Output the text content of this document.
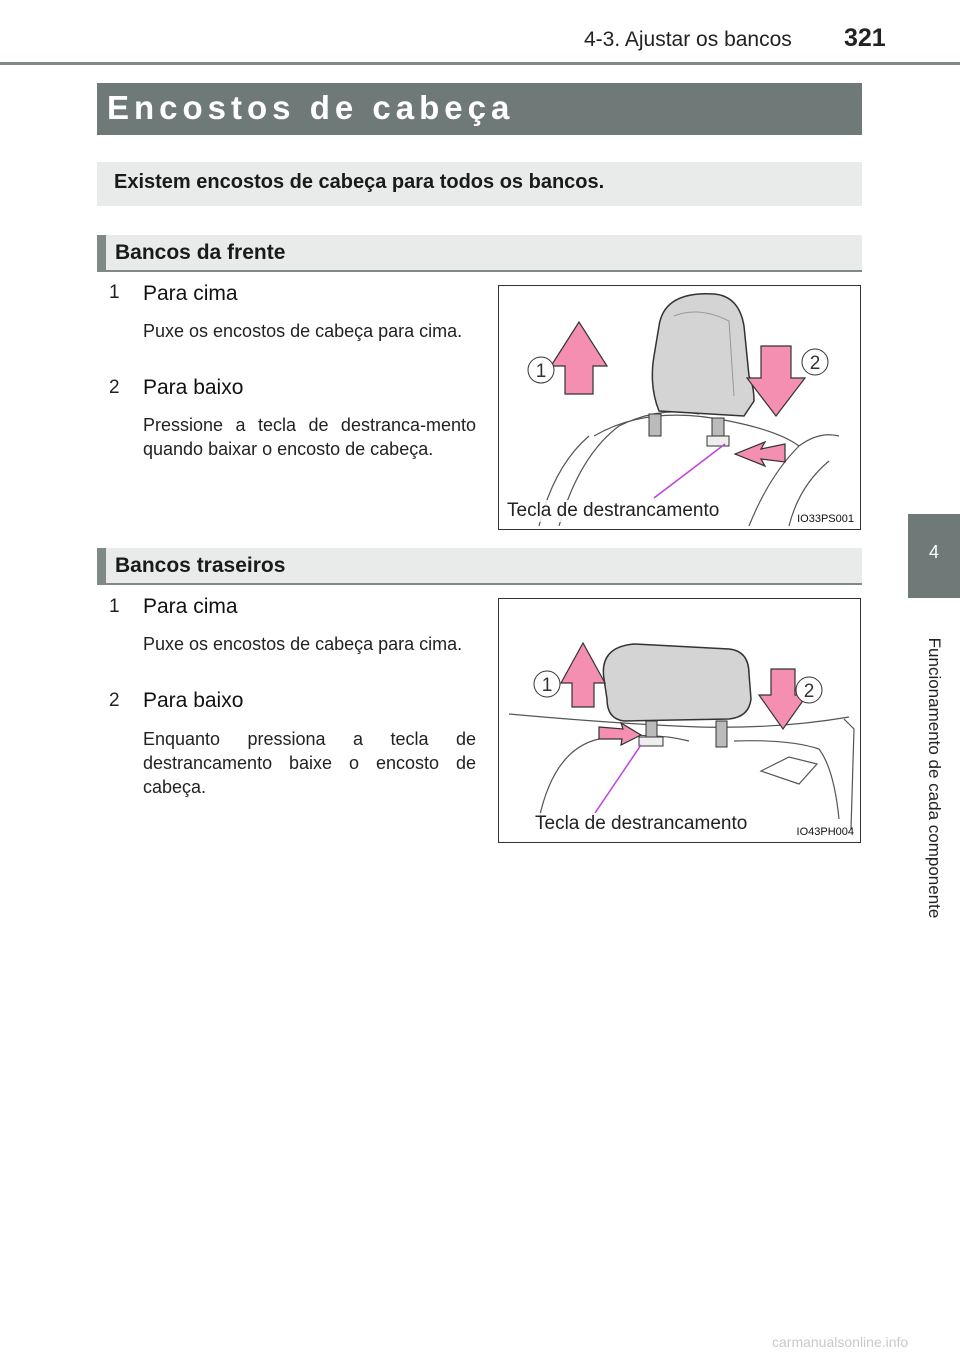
4-3. Ajustar os bancos 321
4
Funcionamento de cada componente
Encostos de cabeça
Existem encostos de cabeça para todos os bancos.
Bancos da frente
1 Para cima
Puxe os encostos de cabeça para cima.
2 Para baixo
Pressione a tecla de destranca-mento quando baixar o encosto de cabeça.
1	2
Tecla de destrancamento	IO33PS001
Bancos traseiros
1 Para cima
Puxe os encostos de cabeça para cima.
2 Para baixo
Enquanto pressiona a tecla de destrancamento baixe o encosto de cabeça.
1	2
Tecla de destrancamento	IO43PH004
carmanualsonline.info
